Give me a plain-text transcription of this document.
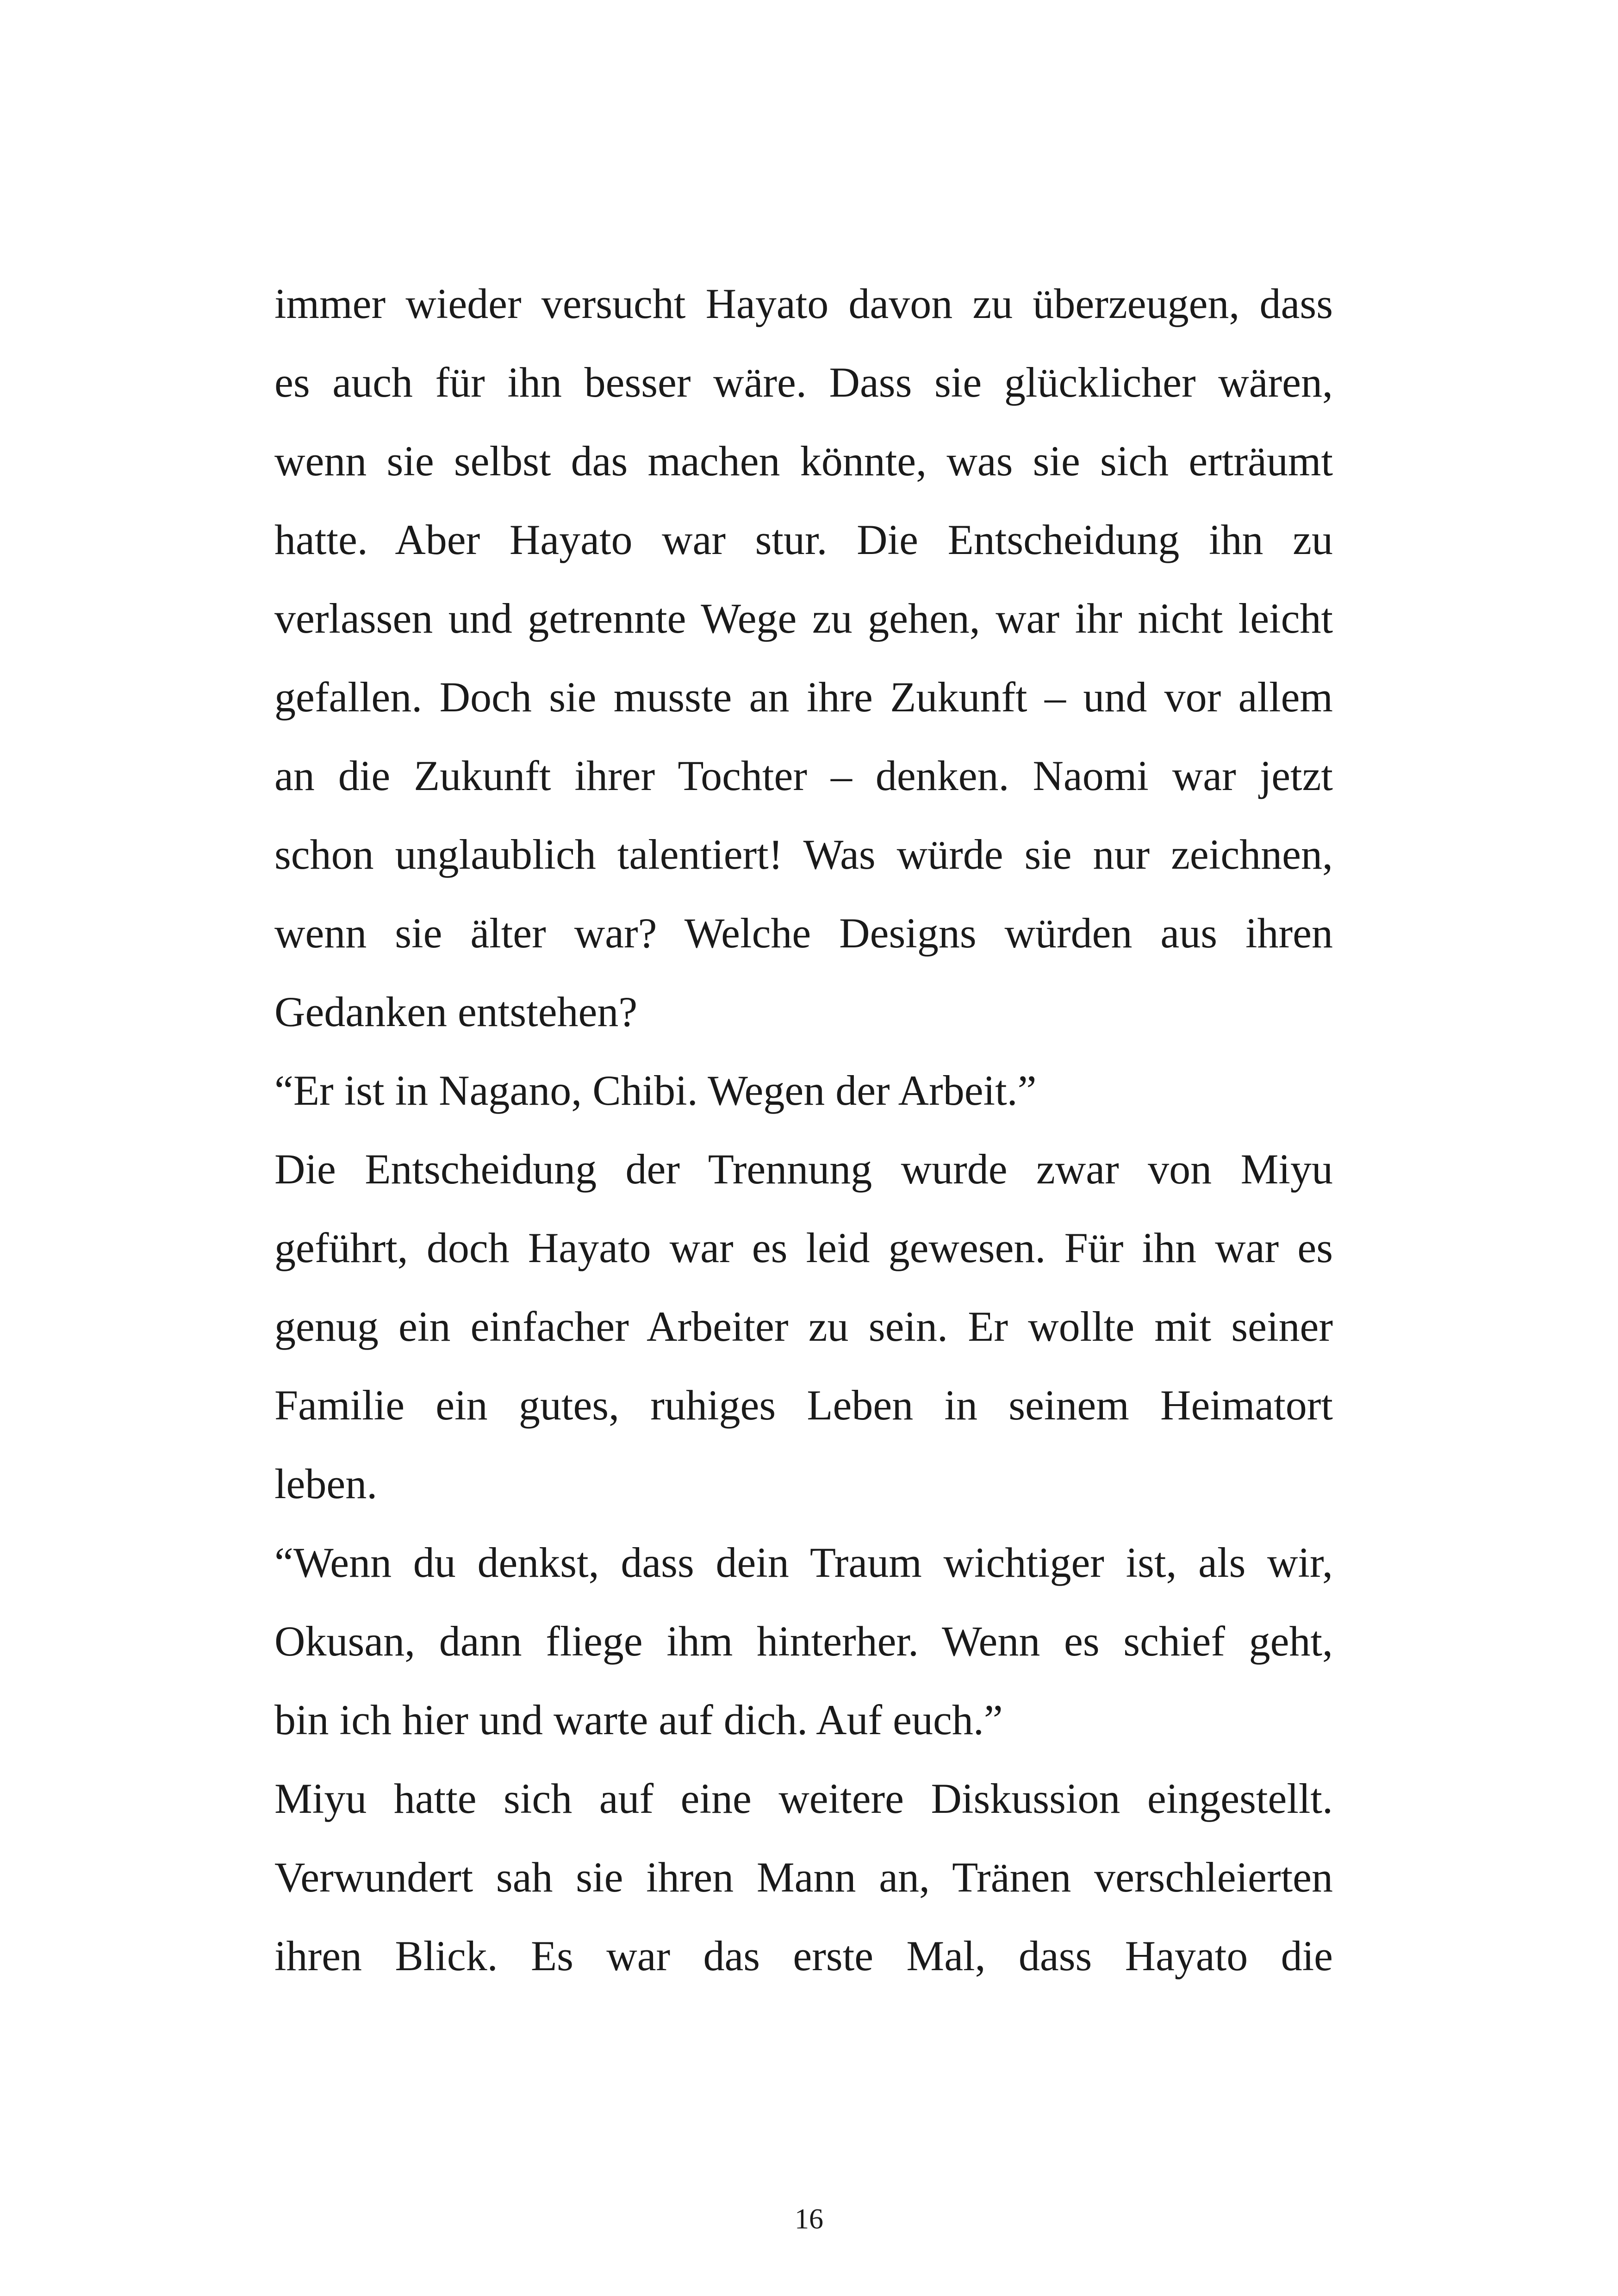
immer wieder versucht Hayato davon zu überzeugen, dass
es auch für ihn besser wäre. Dass sie glücklicher wären,
wenn sie selbst das machen könnte, was sie sich erträumt
hatte. Aber Hayato war stur. Die Entscheidung ihn zu
verlassen und getrennte Wege zu gehen, war ihr nicht leicht
gefallen. Doch sie musste an ihre Zukunft – und vor allem
an die Zukunft ihrer Tochter – denken. Naomi war jetzt
schon unglaublich talentiert! Was würde sie nur zeichnen,
wenn sie älter war? Welche Designs würden aus ihren
Gedanken entstehen?
“Er ist in Nagano, Chibi. Wegen der Arbeit.”
Die Entscheidung der Trennung wurde zwar von Miyu
geführt, doch Hayato war es leid gewesen. Für ihn war es
genug ein einfacher Arbeiter zu sein. Er wollte mit seiner
Familie ein gutes, ruhiges Leben in seinem Heimatort
leben.
“Wenn du denkst, dass dein Traum wichtiger ist, als wir,
Okusan, dann fliege ihm hinterher. Wenn es schief geht,
bin ich hier und warte auf dich. Auf euch.”
Miyu hatte sich auf eine weitere Diskussion eingestellt.
Verwundert sah sie ihren Mann an, Tränen verschleierten
ihren Blick. Es war das erste Mal, dass Hayato die
16
